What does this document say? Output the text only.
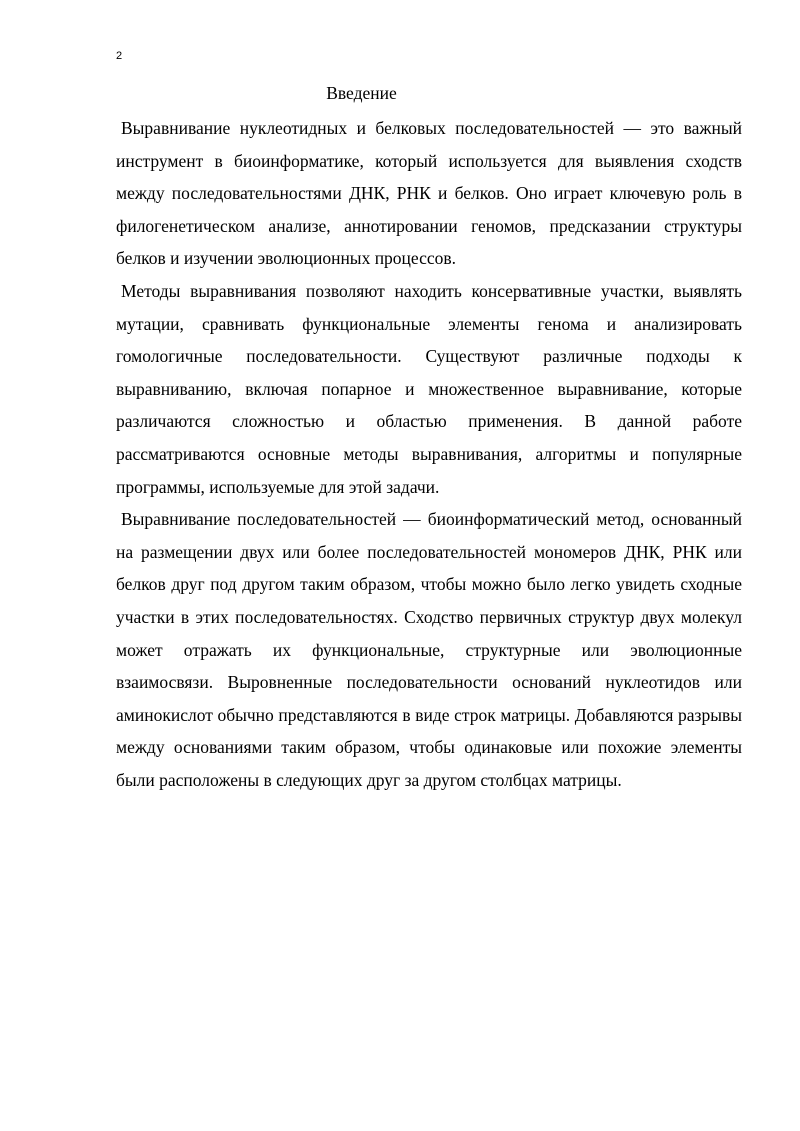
2
Введение

Выравнивание нуклеотидных и белковых последовательностей — это важный инструмент в биоинформатике, который используется для выявления сходств между последовательностями ДНК, РНК и белков. Оно играет ключевую роль в филогенетическом анализе, аннотировании геномов, предсказании структуры белков и изучении эволюционных процессов.

Методы выравнивания позволяют находить консервативные участки, выявлять мутации, сравнивать функциональные элементы генома и анализировать гомологичные последовательности. Существуют различные подходы к выравниванию, включая попарное и множественное выравнивание, которые различаются сложностью и областью применения. В данной работе рассматриваются основные методы выравнивания, алгоритмы и популярные программы, используемые для этой задачи.

Выравнивание последовательностей — биоинформатический метод, основанный на размещении двух или более последовательностей мономеров ДНК, РНК или белков друг под другом таким образом, чтобы можно было легко увидеть сходные участки в этих последовательностях. Сходство первичных структур двух молекул может отражать их функциональные, структурные или эволюционные взаимосвязи. Выровненные последовательности оснований нуклеотидов или аминокислот обычно представляются в виде строк матрицы. Добавляются разрывы между основаниями таким образом, чтобы одинаковые или похожие элементы были расположены в следующих друг за другом столбцах матрицы.
